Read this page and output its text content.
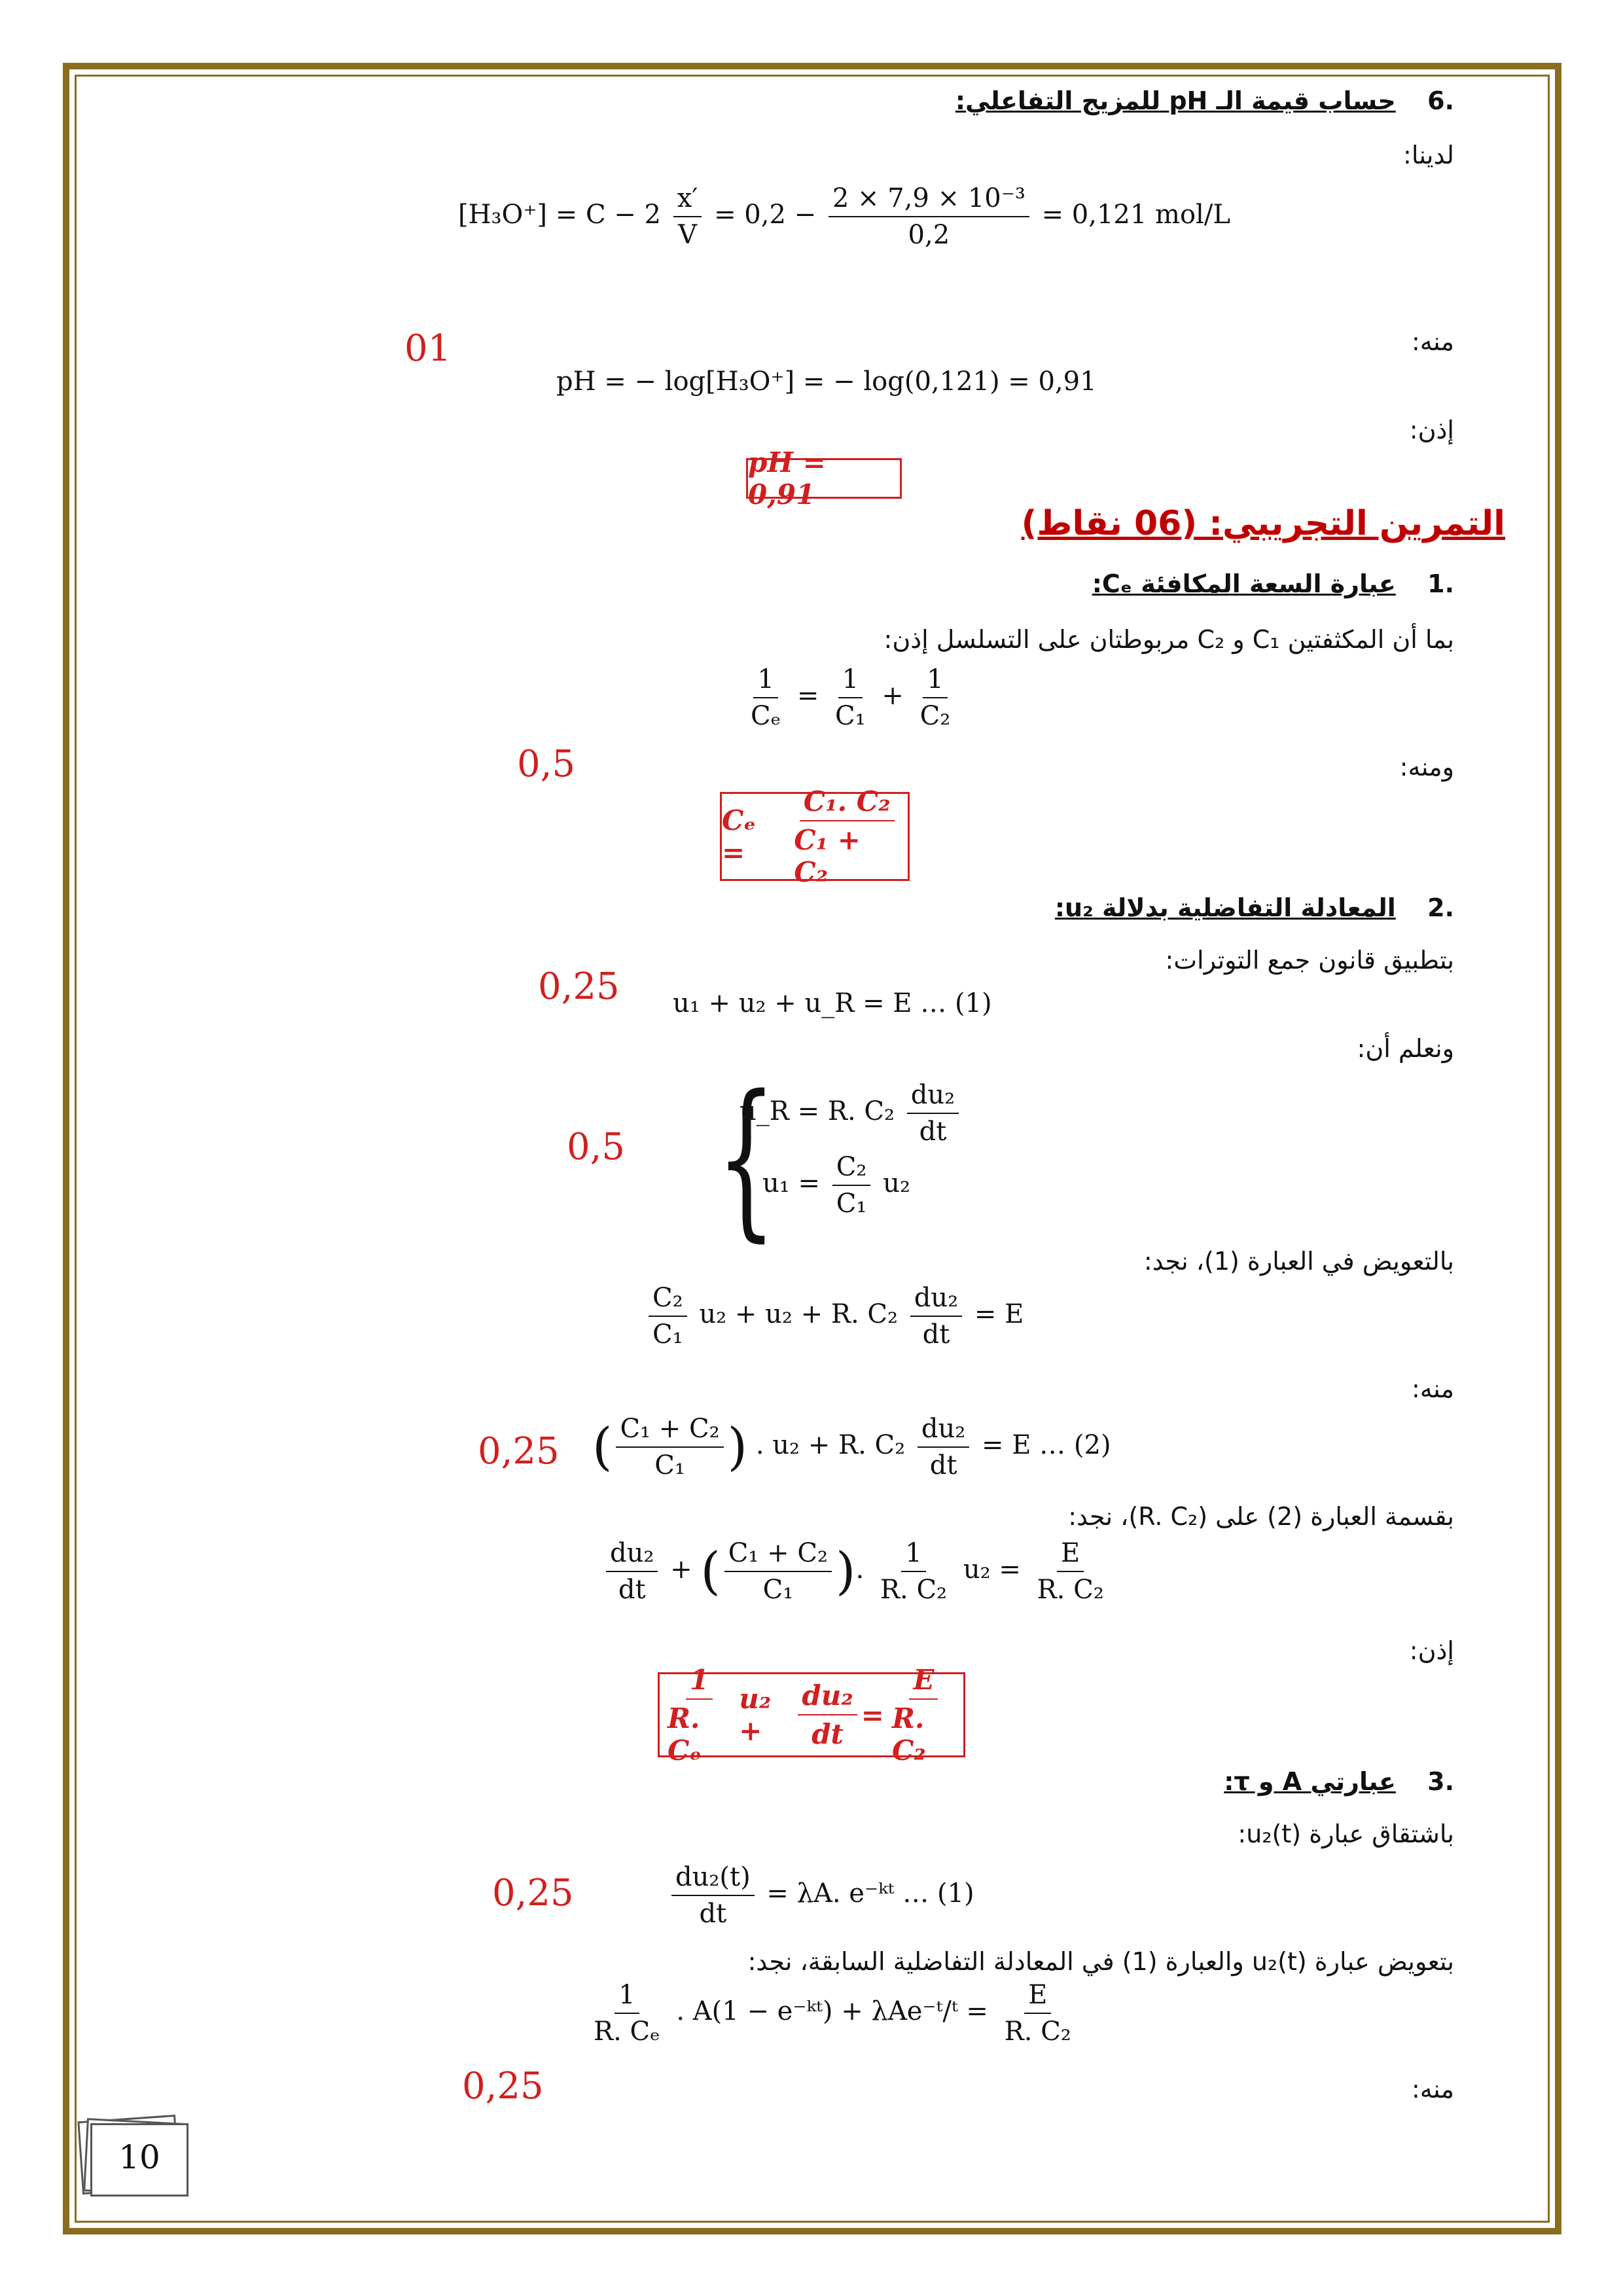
.6    حساب قيمة الـ pH للمزيج التفاعلي:
لدينا:
$[H_3O^+] = C - 2 \frac{x'}{V} = 0,2 - \frac{\text{2 × 7,9 × 10⁻³}}{0,2} = 0,121$ mol/L
منه:
01
pH = − log[H₃O⁺] = − log(0,121) = 0,91
إذن:
pH = 0,91
التمرين التجريبي: (06 نقاط)
.1    عبارة السعة المكافئة Cₑ:
بما أن المكثفتين C₁ و C₂ مربوطتان على التسلسل إذن:
$\frac{1}{\text{Cₑ}} = \frac{1}{\text{C₁}} + \frac{1}{\text{C₂}}$
ومنه:
0,5
Cₑ =	$\frac{\text{C₁. C₂}}{\text{C₁ + C₂}}$
.2    المعادلة التفاضلية بدلالة u₂:
بتطبيق قانون جمع التوترات:
0,25 u₁ + u₂ + u_R = E … (1)
ونعلم أن:
0,5 {
u_R = R. $C_2 \frac{\text{du₂}}{dt}$
$u_1 = \frac{\text{C₂}}{\text{C₁}} u_2$
بالتعويض في العبارة (1)، نجد:
$\frac{\text{C₂}}{\text{C₁}} u_2 + u_2 + R$. $C_2 \frac{\text{du₂}}{dt} = E$
منه:
0,25 ( $\frac{\text{C₁ + C₂}}{\text{C₁}}$ ) . u₂ + R. $C_2 \frac{\text{du₂}}{dt} = E$ … (2)
بقسمة العبارة (2) على (R. C₂)، نجد:
$\frac{\text{du₂}}{dt}$ + ( $\frac{\text{C₁ + C₂}}{\text{C₁}}$ ). $\frac{1}{\text{R. C₂}} u_2 = \frac{E}{\text{R. C₂}}$
إذن:
$\frac{1}{\text{R. Cₑ}} u_2$ +	$\frac{\text{du₂}}{dt} = \frac{E}{\text{R. C₂}}$
.3    عبارتي A و τ:
باشتقاق عبارة u₂(t):
0,25	$\frac{\text{du₂(t)}}{dt} = \lambda A$. e⁻ᵏᵗ … (1)
بتعويض عبارة u₂(t) والعبارة (1) في المعادلة التفاضلية السابقة، نجد:
$\frac{1}{\text{R. Cₑ}}$ . A(1 − e⁻ᵏᵗ) + λAe⁻ᵗ/ᵗ = $\frac{E}{\text{R. C₂}}$
منه:
0,25
10
